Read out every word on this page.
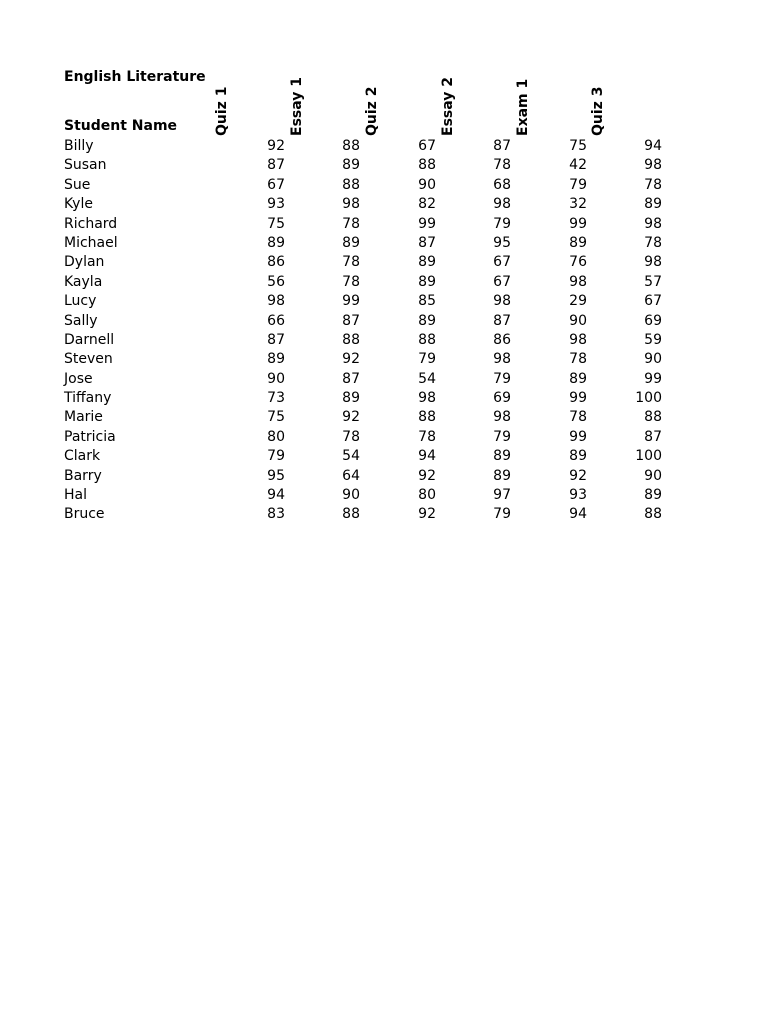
English Literature
Student Name	Quiz 1	Essay 1	Quiz 2	Essay 2	Exam 1	Quiz 3
Billy	92	88	67	87	75	94
Susan	87	89	88	78	42	98
Sue	67	88	90	68	79	78
Kyle	93	98	82	98	32	89
Richard	75	78	99	79	99	98
Michael	89	89	87	95	89	78
Dylan	86	78	89	67	76	98
Kayla	56	78	89	67	98	57
Lucy	98	99	85	98	29	67
Sally	66	87	89	87	90	69
Darnell	87	88	88	86	98	59
Steven	89	92	79	98	78	90
Jose	90	87	54	79	89	99
Tiffany	73	89	98	69	99	100
Marie	75	92	88	98	78	88
Patricia	80	78	78	79	99	87
Clark	79	54	94	89	89	100
Barry	95	64	92	89	92	90
Hal	94	90	80	97	93	89
Bruce	83	88	92	79	94	88
